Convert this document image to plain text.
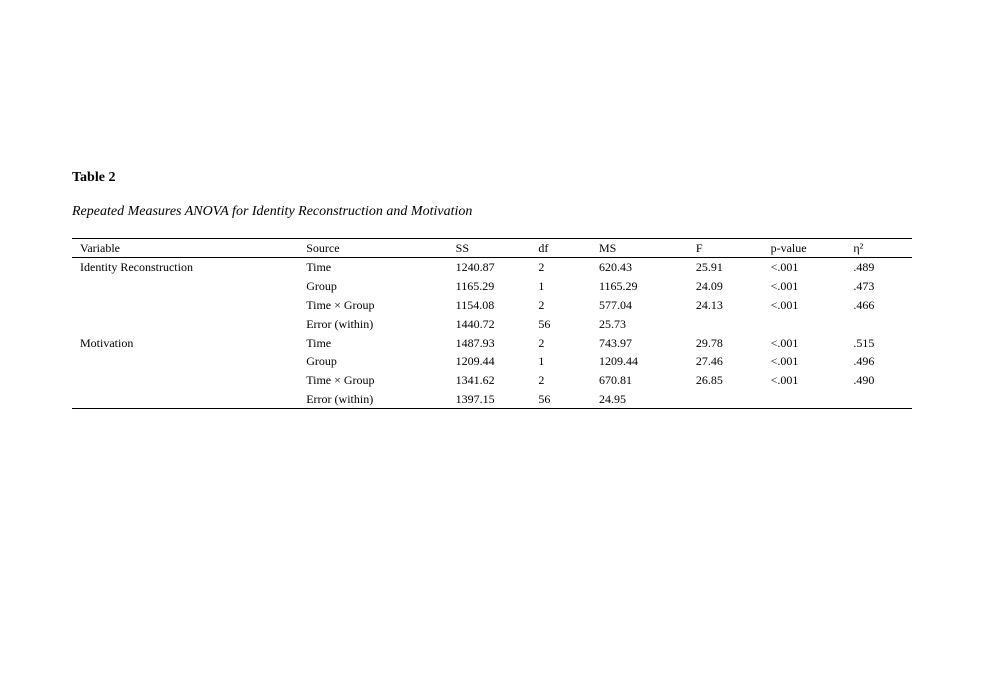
Table 2
Repeated Measures ANOVA for Identity Reconstruction and Motivation
Variable	Source	SS	df	MS	F	p-value	η²
Identity Reconstruction	Time	1240.87	2	620.43	25.91	<.001	.489
	Group	1165.29	1	1165.29	24.09	<.001	.473
	Time × Group	1154.08	2	577.04	24.13	<.001	.466
	Error (within)	1440.72	56	25.73			
Motivation	Time	1487.93	2	743.97	29.78	<.001	.515
	Group	1209.44	1	1209.44	27.46	<.001	.496
	Time × Group	1341.62	2	670.81	26.85	<.001	.490
	Error (within)	1397.15	56	24.95			
